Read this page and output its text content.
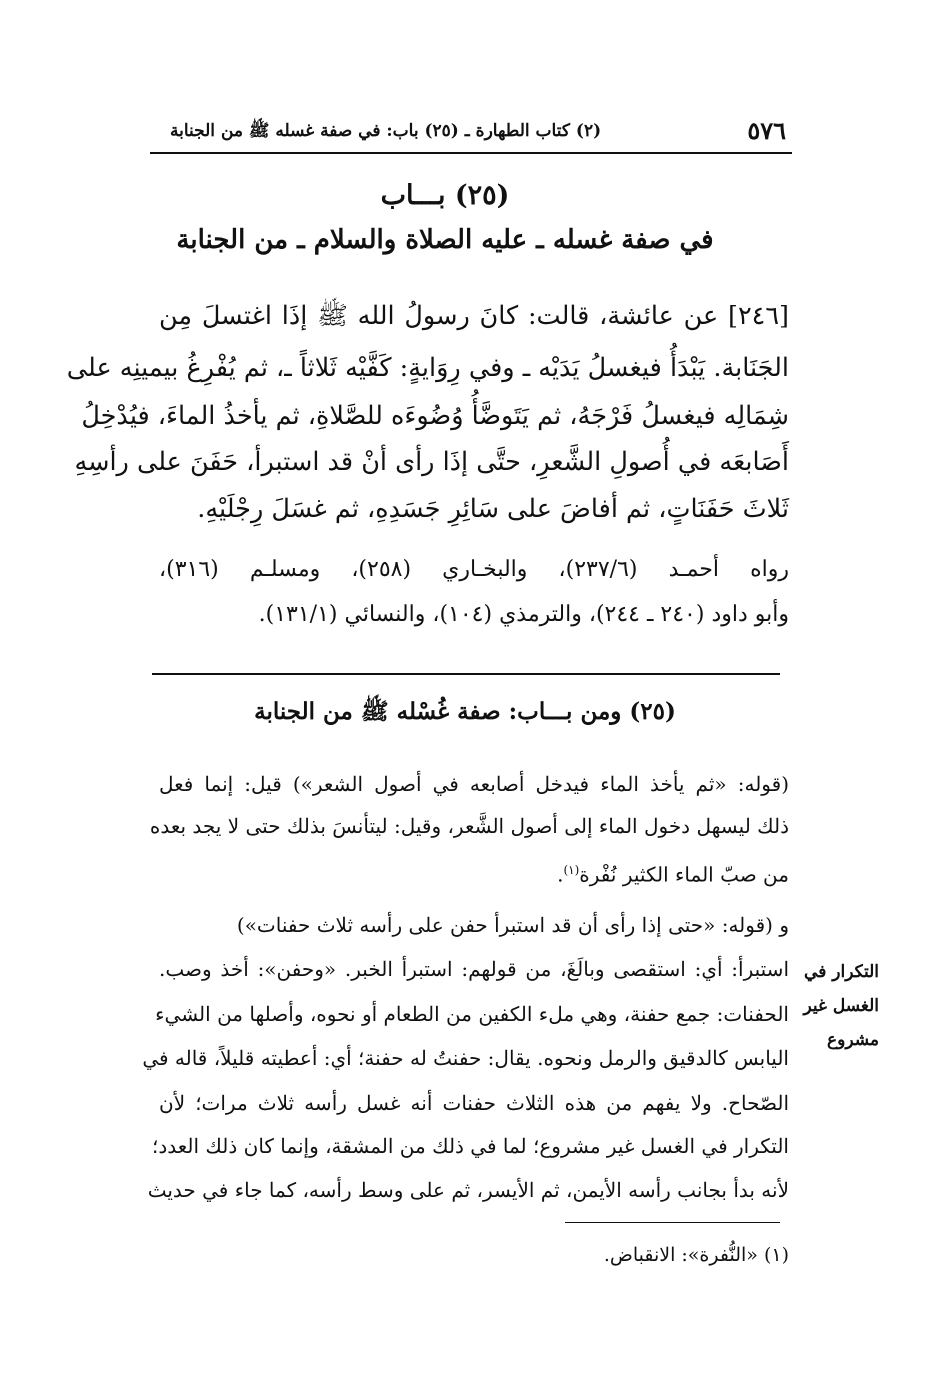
٥٧٦
(٢) كتاب الطهارة ـ (٢٥) باب: في صفة غسله ﷺ من الجنابة
(٢٥) بـــاب
في صفة غسله ـ عليه الصلاة والسلام ـ من الجنابة
[٢٤٦] عن عائشة، قالت: كانَ رسولُ الله ﷺ إذَا اغتسلَ مِن
الجَنَابة. يَبْدَأُ فيغسلُ يَدَيْه ـ وفي رِوَايةٍ: كَفَّيْه ثَلاثاً ـ، ثم يُفْرِغُ بيمينِه على
شِمَالِه فيغسلُ فَرْجَهُ، ثم يَتَوضَّأُ وُضُوءَه للصَّلاةِ، ثم يأخذُ الماءَ، فيُدْخِلُ
أَصَابعَه في أُصولِ الشَّعرِ، حتَّى إذَا رأى أنْ قد استبرأ، حَفَنَ على رأسِهِ
ثَلاثَ حَفَنَاتٍ، ثم أفاضَ على سَائِرِ جَسَدِهِ، ثم غسَلَ رِجْلَيْهِ.
رواه أحمـد (٢٣٧/٦)، والبخـاري (٢٥٨)، ومسلـم (٣١٦)،
وأبو داود (٢٤٠ ـ ٢٤٤)، والترمذي (١٠٤)، والنسائي (١٣١/١).
(٢٥) ومن بـــاب: صفة غُسْله ﷺ من الجنابة
(قوله: «ثم يأخذ الماء فيدخل أصابعه في أصول الشعر») قيل: إنما فعل
ذلك ليسهل دخول الماء إلى أصول الشَّعر، وقيل: ليتأنسَ بذلك حتى لا يجد بعده
من صبّ الماء الكثير نُفْرة$^{(١)}$.
و (قوله: «حتى إذا رأى أن قد استبرأ حفن على رأسه ثلاث حفنات»)
استبرأ: أي: استقصى وبالَغَ، من قولهم: استبرأ الخبر. «وحفن»: أخذ وصب.
الحفنات: جمع حفنة، وهي ملء الكفين من الطعام أو نحوه، وأصلها من الشيء
اليابس كالدقيق والرمل ونحوه. يقال: حفنتُ له حفنة؛ أي: أعطيته قليلاً، قاله في
الصّحاح. ولا يفهم من هذه الثلاث حفنات أنه غسل رأسه ثلاث مرات؛ لأن
التكرار في الغسل غير مشروع؛ لما في ذلك من المشقة، وإنما كان ذلك العدد؛
لأنه بدأ بجانب رأسه الأيمن، ثم الأيسر، ثم على وسط رأسه، كما جاء في حديث
التكرار في
الغسل غير
مشروع
(١) «النُّفرة»: الانقباض.
